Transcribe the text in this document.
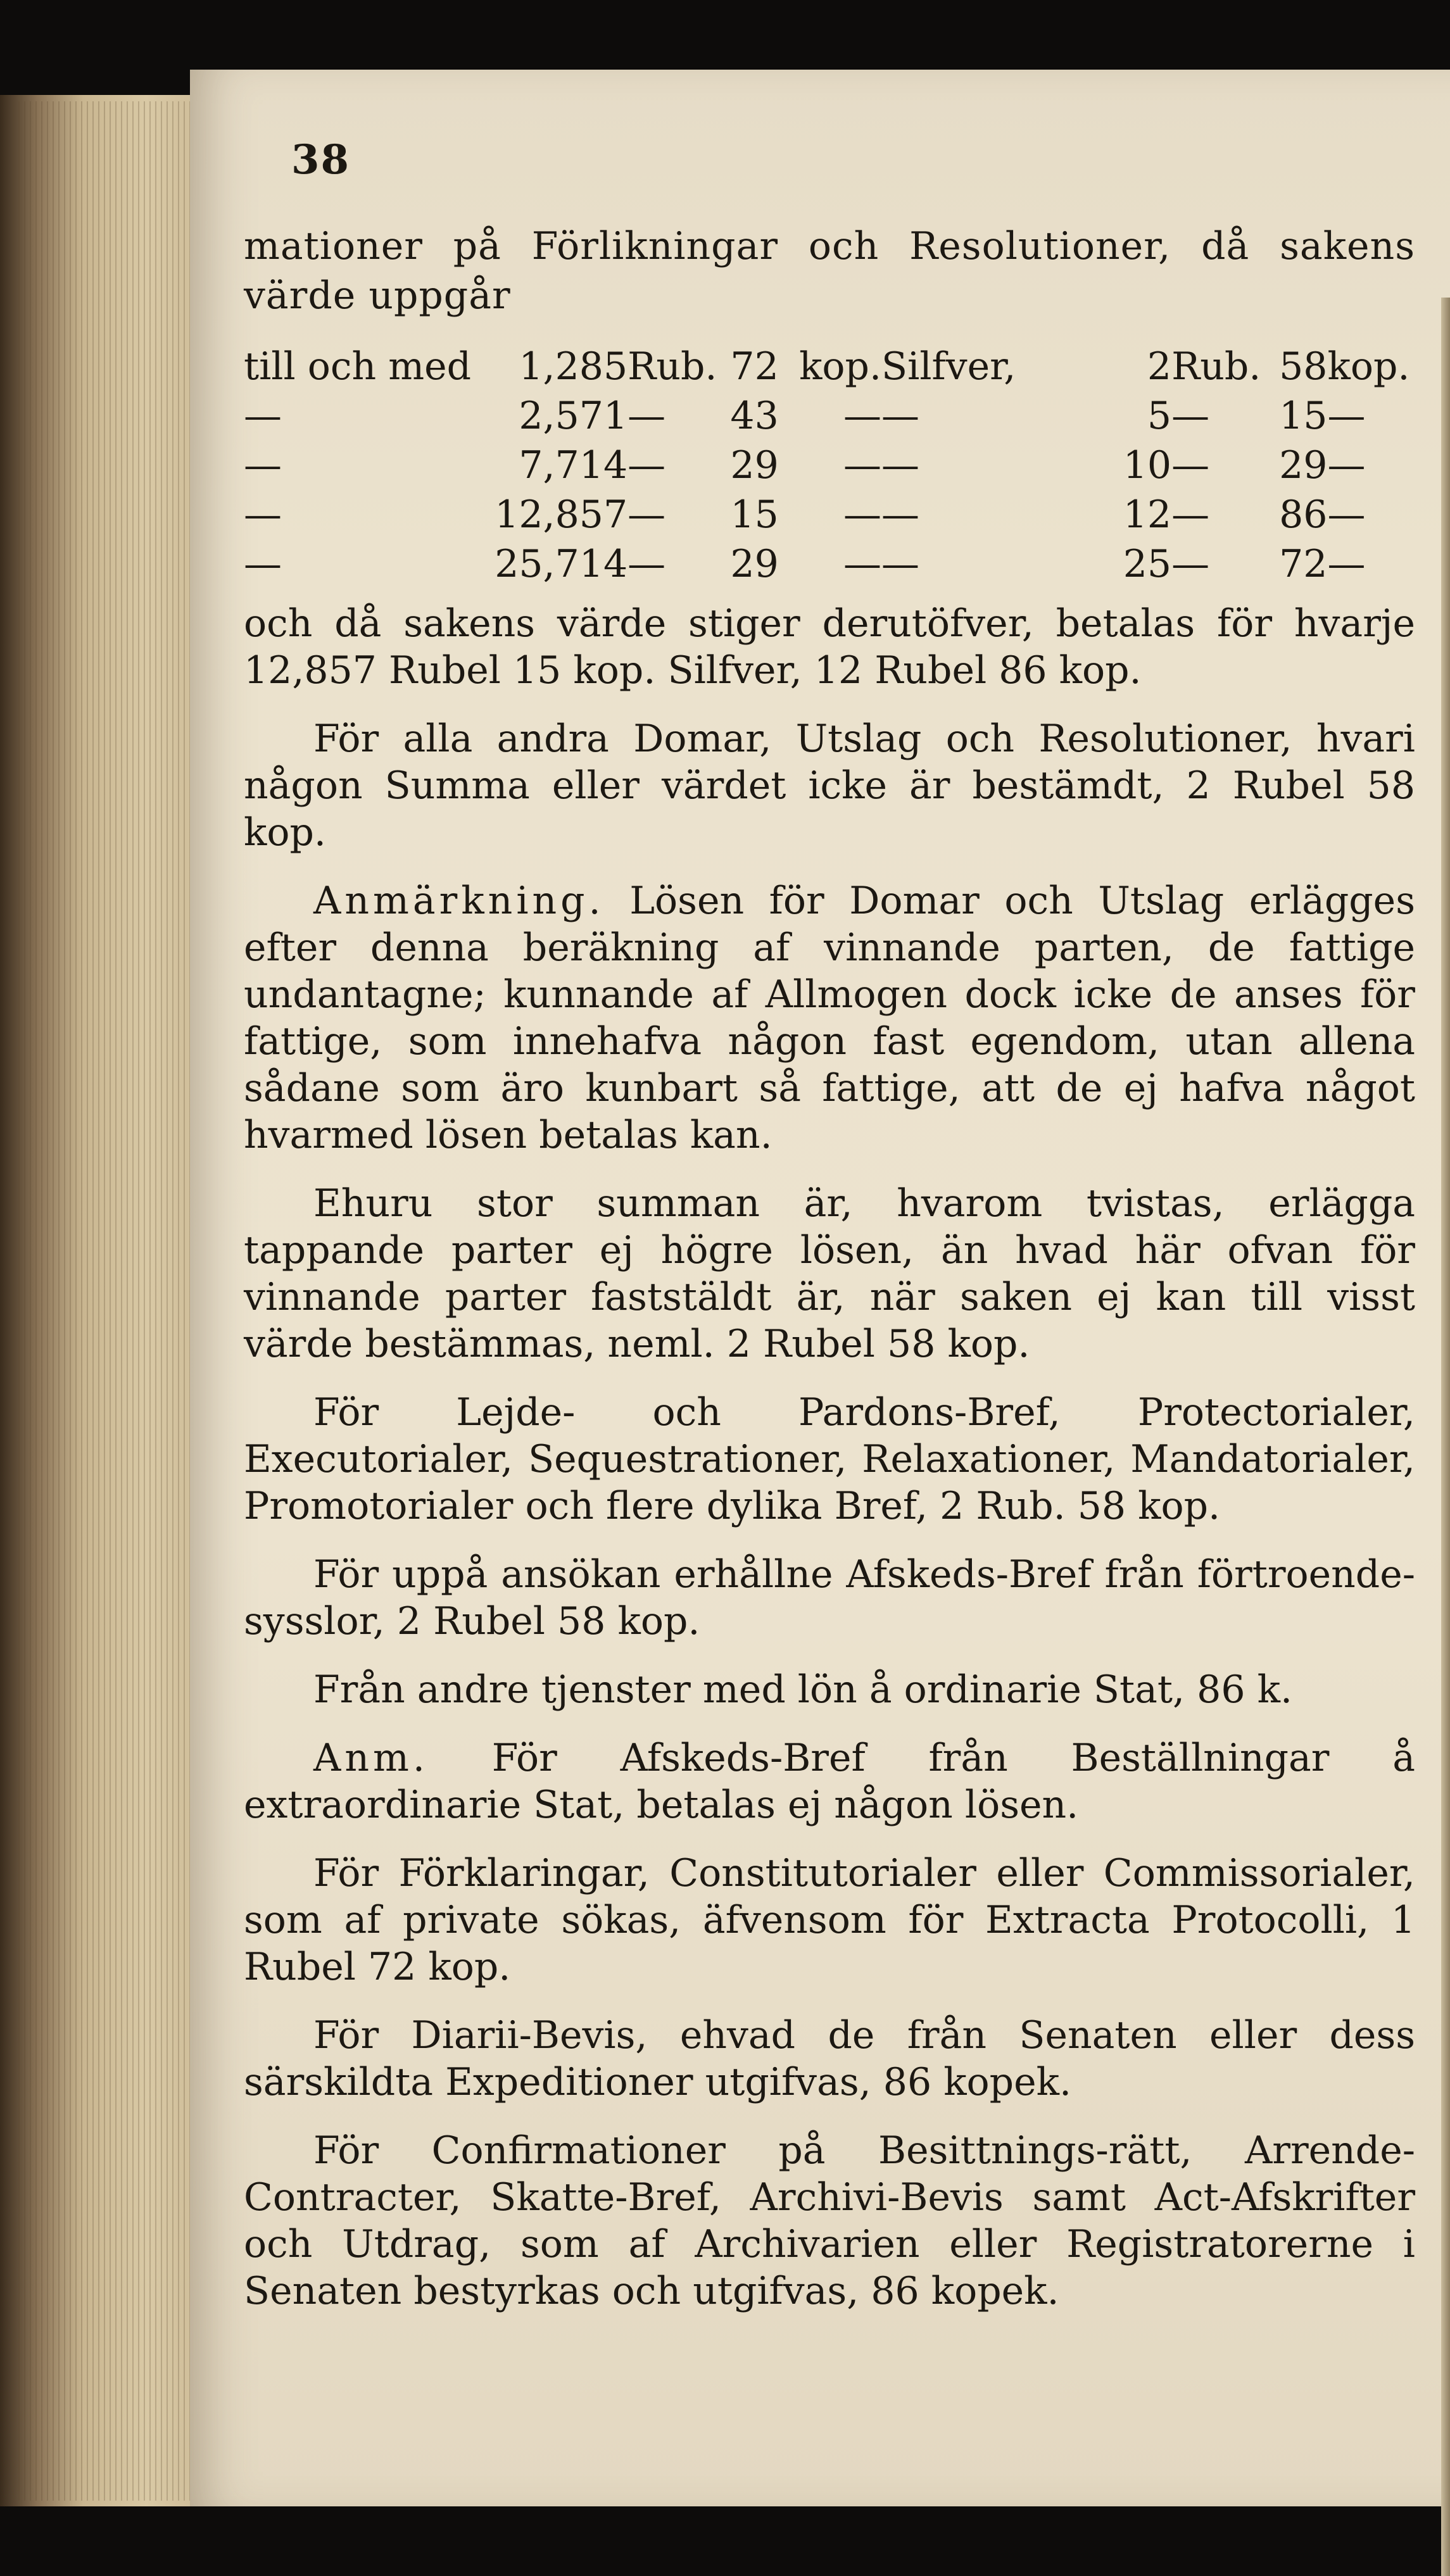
38

mationer på Förlikningar och Resolutioner, då sakens värde uppgår

till och med	1,285	Rub.	72	kop.	Silfver,	2	Rub.	58	kop.
—	2,571	—	43	—	—	5	—	15	—
—	7,714	—	29	—	—	10	—	29	—
—	12,857	—	15	—	—	12	—	86	—
—	25,714	—	29	—	—	25	—	72	—

och då sakens värde stiger derutöfver, betalas för hvarje 12,857 Rubel 15 kop. Silfver, 12 Rubel 86 kop.

För alla andra Domar, Utslag och Resolutioner, hvari någon Summa eller värdet icke är bestämdt, 2 Rubel 58 kop.

Anmärkning. Lösen för Domar och Utslag erlägges efter denna beräkning af vinnande parten, de fattige undantagne; kunnande af Allmogen dock icke de anses för fattige, som innehafva någon fast egendom, utan allena sådane som äro kunbart så fattige, att de ej hafva något hvarmed lösen betalas kan.

Ehuru stor summan är, hvarom tvistas, erlägga tappande parter ej högre lösen, än hvad här ofvan för vinnande parter faststäldt är, när saken ej kan till visst värde bestämmas, neml. 2 Rubel 58 kop.

För Lejde- och Pardons-Bref, Protectorialer, Executorialer, Sequestrationer, Relaxationer, Mandatorialer, Promotorialer och flere dylika Bref, 2 Rub. 58 kop.

För uppå ansökan erhållne Afskeds-Bref från förtroende-sysslor, 2 Rubel 58 kop.

Från andre tjenster med lön å ordinarie Stat, 86 k.

Anm. För Afskeds-Bref från Beställningar å extraordinarie Stat, betalas ej någon lösen.

För Förklaringar, Constitutorialer eller Commissorialer, som af private sökas, äfvensom för Extracta Protocolli, 1 Rubel 72 kop.

För Diarii-Bevis, ehvad de från Senaten eller dess särskildta Expeditioner utgifvas, 86 kopek.

För Confirmationer på Besittnings-rätt, Arrende-Contracter, Skatte-Bref, Archivi-Bevis samt Act-Afskrifter och Utdrag, som af Archivarien eller Registratorerne i Senaten bestyrkas och utgifvas, 86 kopek.
